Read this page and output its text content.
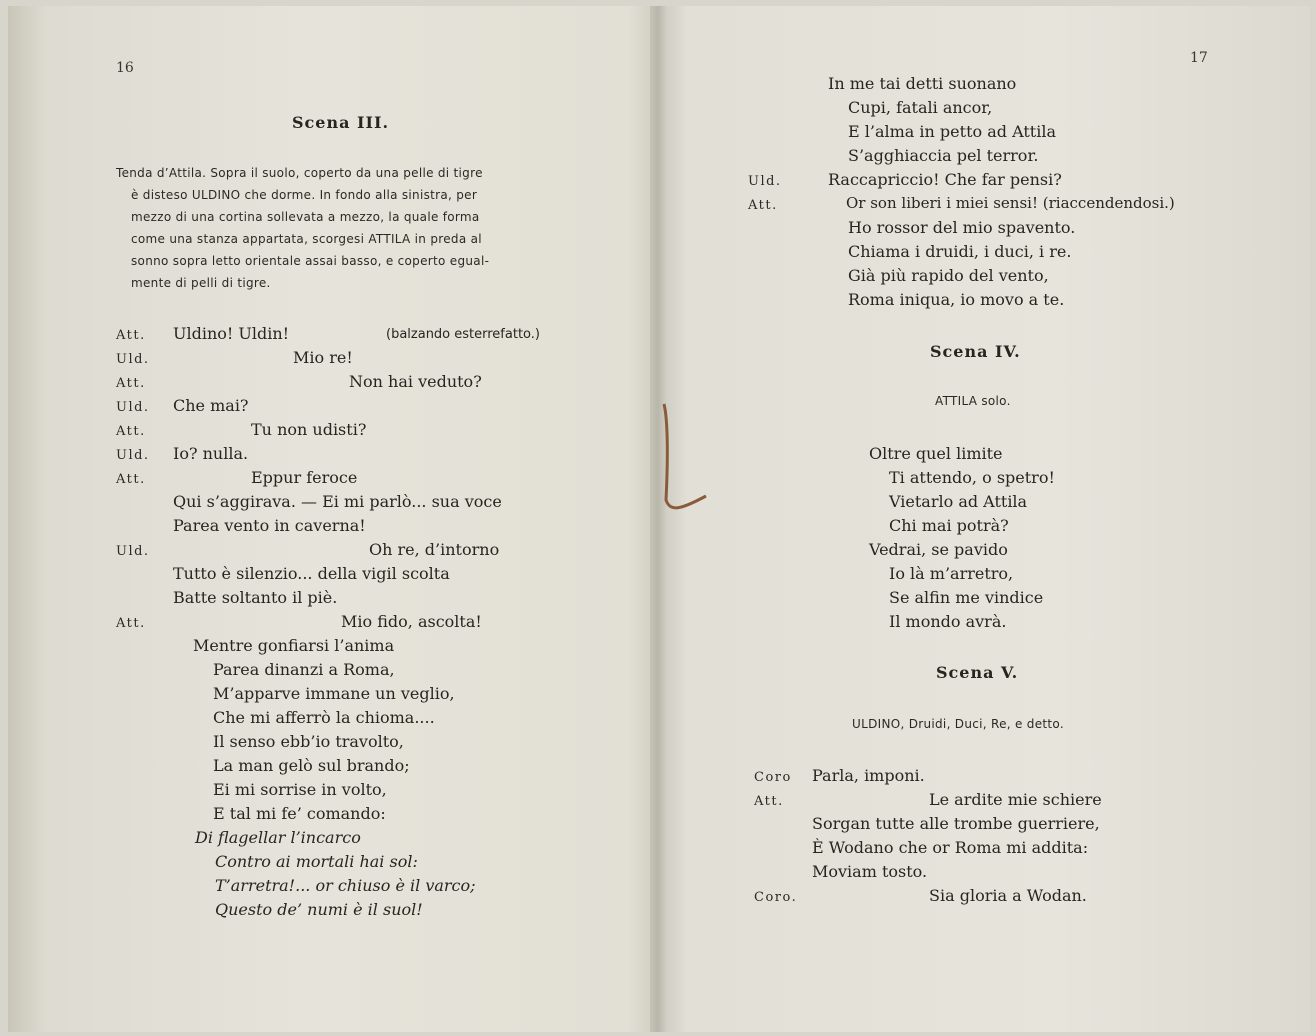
16
Scena III.
Tenda d’Attila. Sopra il suolo, coperto da una pelle di tigre
è disteso ULDINO che dorme. In fondo alla sinistra, per
mezzo di una cortina sollevata a mezzo, la quale forma
come una stanza appartata, scorgesi ATTILA in preda al
sonno sopra letto orientale assai basso, e coperto egual-
mente di pelli di tigre.
Att. Uldino! Uldin!	(balzando esterrefatto.)
Uld.	Mio re!
Att.	Non hai veduto?
Uld. Che mai?
Att.	Tu non udisti?
Uld. Io? nulla.
Att.	Eppur feroce
Qui s’aggirava. — Ei mi parlò... sua voce
Parea vento in caverna!
Uld.	Oh re, d’intorno
Tutto è silenzio... della vigil scolta
Batte soltanto il piè.
Att.	Mio fido, ascolta!
Mentre gonfiarsi l’anima
Parea dinanzi a Roma,
M’apparve immane un veglio,
Che mi afferrò la chioma....
Il senso ebb’io travolto,
La man gelò sul brando;
Ei mi sorrise in volto,
E tal mi fe’ comando:
Di flagellar l’incarco
Contro ai mortali hai sol:
T’arretra!... or chiuso è il varco;
Questo de’ numi è il suol!
17
In me tai detti suonano
Cupi, fatali ancor,
E l’alma in petto ad Attila
S’agghiaccia pel terror.
Uld.	Raccapriccio! Che far pensi?
Att.	Or son liberi i miei sensi! (riaccendendosi.)
Ho rossor del mio spavento.
Chiama i druidi, i duci, i re.
Già più rapido del vento,
Roma iniqua, io movo a te.
Scena IV.
ATTILA solo.
Oltre quel limite
Ti attendo, o spetro!
Vietarlo ad Attila
Chi mai potrà?
Vedrai, se pavido
Io là m’arretro,
Se alfin me vindice
Il mondo avrà.
Scena V.
ULDINO, Druidi, Duci, Re, e detto.
Coro Parla, imponi.
Att.	Le ardite mie schiere
Sorgan tutte alle trombe guerriere,
È Wodano che or Roma mi addita:
Moviam tosto.
Coro.	Sia gloria a Wodan.
